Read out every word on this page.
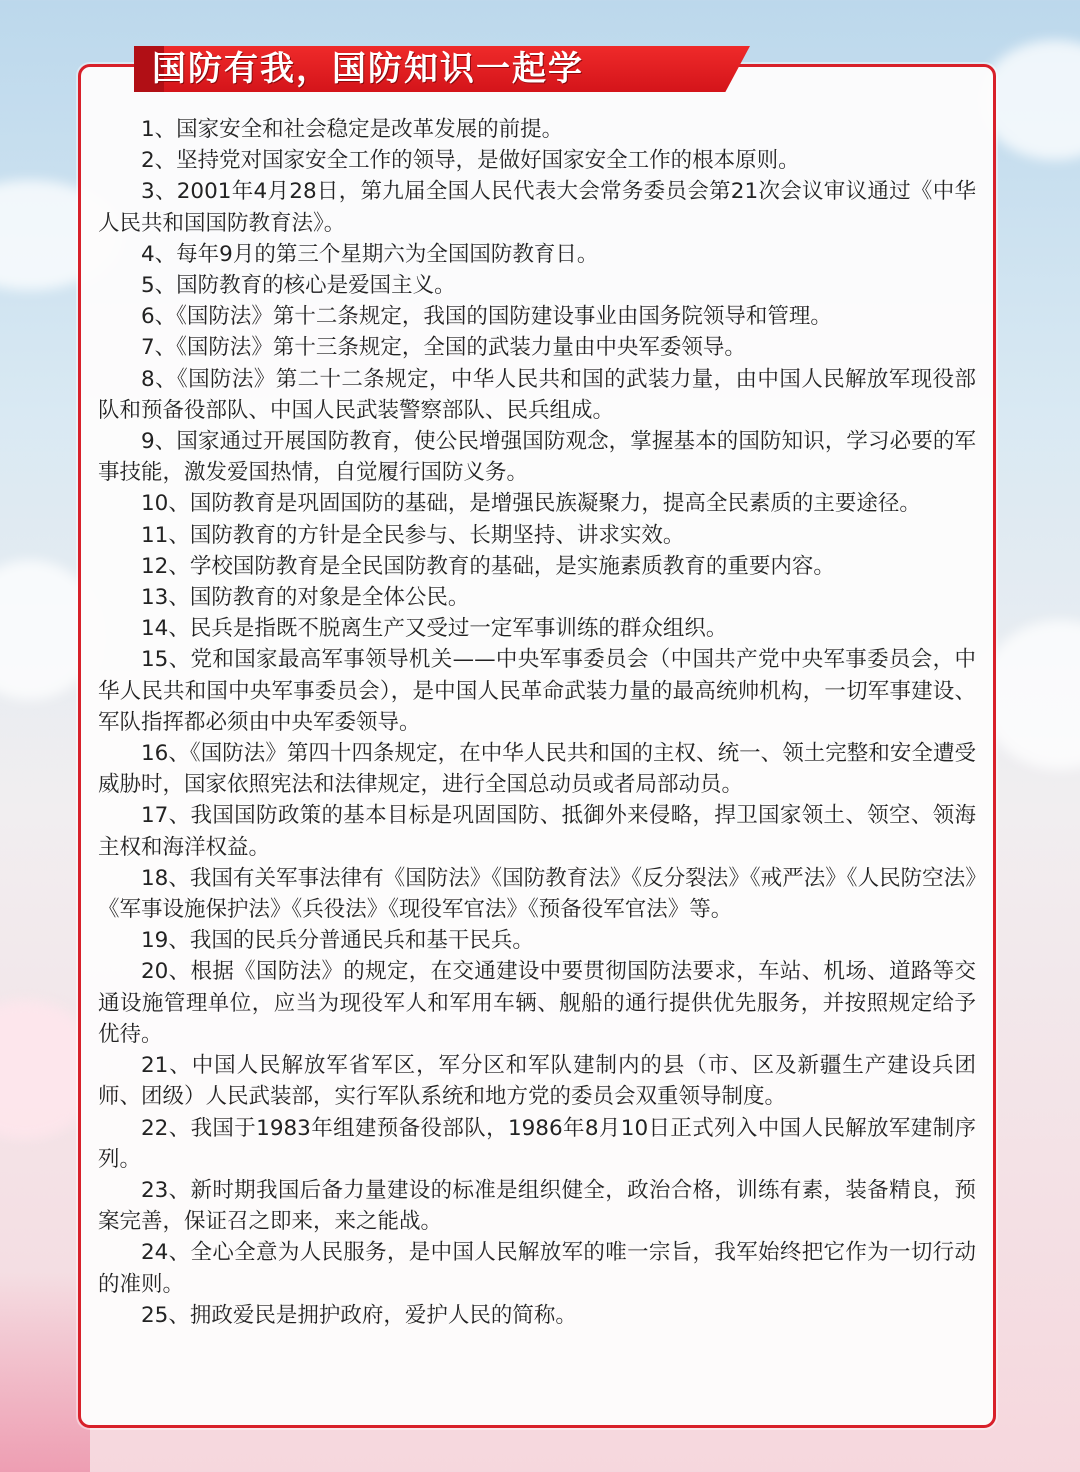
国防有我，国防知识一起学
1、国家安全和社会稳定是改革发展的前提。
2、坚持党对国家安全工作的领导，是做好国家安全工作的根本原则。
3、2001年4月28日，第九届全国人民代表大会常务委员会第21次会议审议通过《中华人民共和国国防教育法》。
4、每年9月的第三个星期六为全国国防教育日。
5、国防教育的核心是爱国主义。
6、《国防法》第十二条规定，我国的国防建设事业由国务院领导和管理。
7、《国防法》第十三条规定，全国的武装力量由中央军委领导。
8、《国防法》第二十二条规定，中华人民共和国的武装力量，由中国人民解放军现役部队和预备役部队、中国人民武装警察部队、民兵组成。
9、国家通过开展国防教育，使公民增强国防观念，掌握基本的国防知识，学习必要的军事技能，激发爱国热情，自觉履行国防义务。
10、国防教育是巩固国防的基础，是增强民族凝聚力，提高全民素质的主要途径。
11、国防教育的方针是全民参与、长期坚持、讲求实效。
12、学校国防教育是全民国防教育的基础，是实施素质教育的重要内容。
13、国防教育的对象是全体公民。
14、民兵是指既不脱离生产又受过一定军事训练的群众组织。
15、党和国家最高军事领导机关——中央军事委员会（中国共产党中央军事委员会，中华人民共和国中央军事委员会），是中国人民革命武装力量的最高统帅机构，一切军事建设、军队指挥都必须由中央军委领导。
16、《国防法》第四十四条规定，在中华人民共和国的主权、统一、领土完整和安全遭受威胁时，国家依照宪法和法律规定，进行全国总动员或者局部动员。
17、我国国防政策的基本目标是巩固国防、抵御外来侵略，捍卫国家领土、领空、领海主权和海洋权益。
18、我国有关军事法律有《国防法》《国防教育法》《反分裂法》《戒严法》《人民防空法》《军事设施保护法》《兵役法》《现役军官法》《预备役军官法》等。
19、我国的民兵分普通民兵和基干民兵。
20、根据《国防法》的规定，在交通建设中要贯彻国防法要求，车站、机场、道路等交通设施管理单位，应当为现役军人和军用车辆、舰船的通行提供优先服务，并按照规定给予优待。
21、中国人民解放军省军区，军分区和军队建制内的县（市、区及新疆生产建设兵团师、团级）人民武装部，实行军队系统和地方党的委员会双重领导制度。
22、我国于1983年组建预备役部队，1986年8月10日正式列入中国人民解放军建制序列。
23、新时期我国后备力量建设的标准是组织健全，政治合格，训练有素，装备精良，预案完善，保证召之即来，来之能战。
24、全心全意为人民服务，是中国人民解放军的唯一宗旨，我军始终把它作为一切行动的准则。
25、拥政爱民是拥护政府，爱护人民的简称。
